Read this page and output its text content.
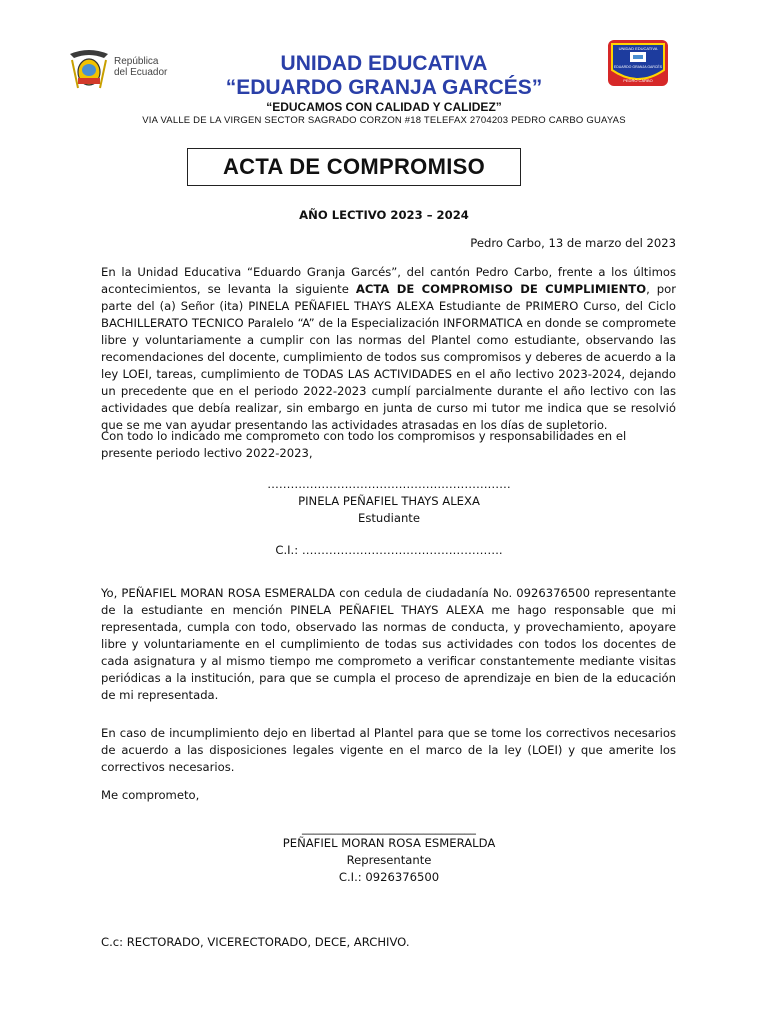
República
del Ecuador	UNIDAD EDUCATIVA
“EDUARDO GRANJA GARCÉS”
“EDUCAMOS CON CALIDAD Y CALIDEZ”
VIA VALLE DE LA VIRGEN SECTOR SAGRADO CORZON #18 TELEFAX 2704203 PEDRO CARBO GUAYAS
UNIDAD EDUCATIVA
EDUARDO GRANJA GARCÉS
PEDRO CARBO
ACTA DE COMPROMISO
AÑO LECTIVO 2023 – 2024
Pedro Carbo, 13 de marzo del 2023

En la Unidad Educativa “Eduardo Granja Garcés”, del cantón Pedro Carbo, frente a los últimos acontecimientos, se levanta la siguiente ACTA DE COMPROMISO DE CUMPLIMIENTO, por parte del (a) Señor (ita) PINELA PEÑAFIEL THAYS ALEXA Estudiante de PRIMERO Curso, del Ciclo BACHILLERATO TECNICO Paralelo “A” de la Especialización INFORMATICA en donde se compromete libre y voluntariamente a cumplir con las normas del Plantel como estudiante, observando las recomendaciones del docente, cumplimiento de todos sus compromisos y deberes de acuerdo a la ley LOEI, tareas, cumplimiento de TODAS LAS ACTIVIDADES en el año lectivo 2023-2024, dejando un precedente que en el periodo 2022-2023 cumplí parcialmente durante el año lectivo con las actividades que debía realizar, sin embargo en junta de curso mi tutor me indica que se resolvió que se me van ayudar presentando las actividades atrasadas en los días de supletorio.

Con todo lo indicado me comprometo con todo los compromisos y responsabilidades en el
presente periodo lectivo 2022-2023,
………………………………………………………
PINELA PEÑAFIEL THAYS ALEXA
Estudiante
C.I.: …………………………………………….

Yo, PEÑAFIEL MORAN ROSA ESMERALDA con cedula de ciudadanía No. 0926376500 representante de la estudiante en mención PINELA PEÑAFIEL THAYS ALEXA me hago responsable que mi representada, cumpla con todo, observado las normas de conducta, y provechamiento, apoyare libre y voluntariamente en el cumplimiento de todas sus actividades con todos los docentes de cada asignatura y al mismo tiempo me comprometo a verificar constantemente mediante visitas periódicas a la institución, para que se cumpla el proceso de aprendizaje en bien de la educación de mi representada.

En caso de incumplimiento dejo en libertad al Plantel para que se tome los correctivos necesarios de acuerdo a las disposiciones legales vigente en el marco de la ley (LOEI) y que amerite los correctivos necesarios.

Me comprometo,
______________________________
PEÑAFIEL MORAN ROSA ESMERALDA
Representante
C.I.: 0926376500
C.c: RECTORADO, VICERECTORADO, DECE, ARCHIVO.
